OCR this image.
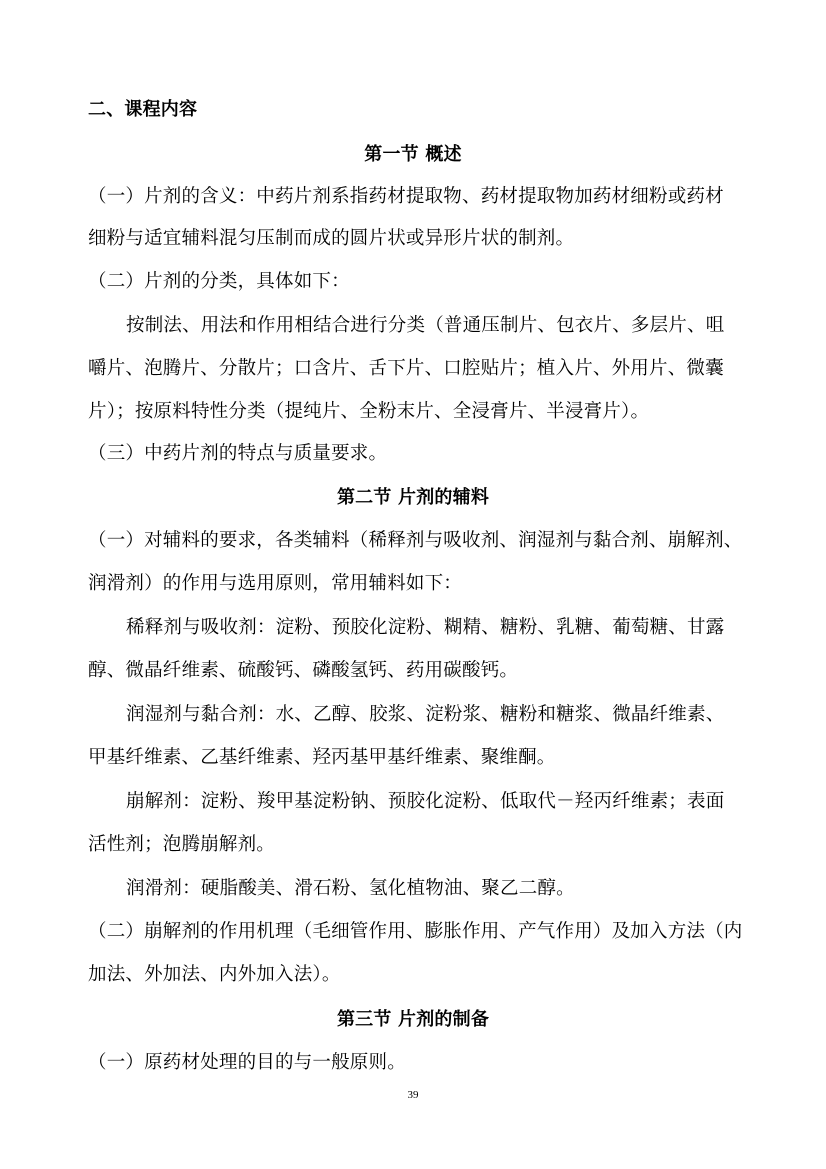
二、课程内容
第一节 概述
（一）片剂的含义：中药片剂系指药材提取物、药材提取物加药材细粉或药材
细粉与适宜辅料混匀压制而成的圆片状或异形片状的制剂。
（二）片剂的分类，具体如下：
按制法、用法和作用相结合进行分类（普通压制片、包衣片、多层片、咀
嚼片、泡腾片、分散片；口含片、舌下片、口腔贴片；植入片、外用片、微囊
片）；按原料特性分类（提纯片、全粉末片、全浸膏片、半浸膏片）。
（三）中药片剂的特点与质量要求。
第二节 片剂的辅料
（一）对辅料的要求，各类辅料（稀释剂与吸收剂、润湿剂与黏合剂、崩解剂、
润滑剂）的作用与选用原则，常用辅料如下：
稀释剂与吸收剂：淀粉、预胶化淀粉、糊精、糖粉、乳糖、葡萄糖、甘露
醇、微晶纤维素、硫酸钙、磷酸氢钙、药用碳酸钙。
润湿剂与黏合剂：水、乙醇、胶浆、淀粉浆、糖粉和糖浆、微晶纤维素、
甲基纤维素、乙基纤维素、羟丙基甲基纤维素、聚维酮。
崩解剂：淀粉、羧甲基淀粉钠、预胶化淀粉、低取代－羟丙纤维素；表面
活性剂；泡腾崩解剂。
润滑剂：硬脂酸美、滑石粉、氢化植物油、聚乙二醇。
（二）崩解剂的作用机理（毛细管作用、膨胀作用、产气作用）及加入方法（内
加法、外加法、内外加入法）。
第三节 片剂的制备
（一）原药材处理的目的与一般原则。
39
